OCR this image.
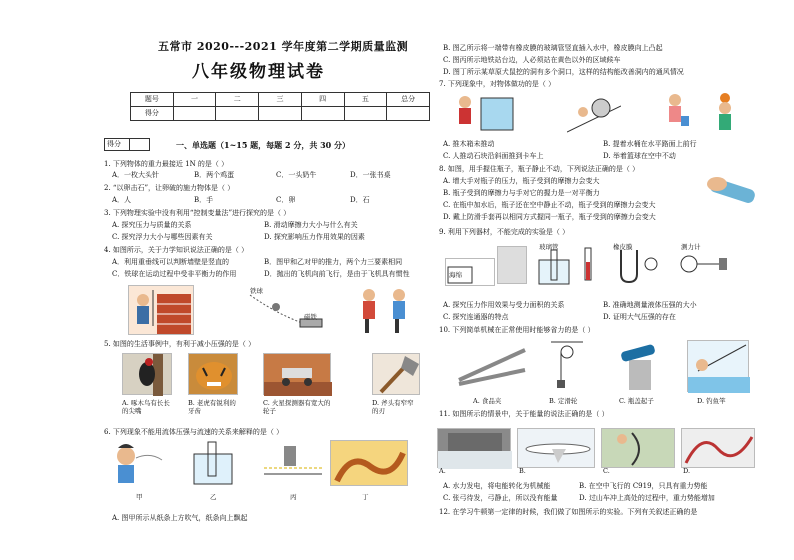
五常市 2020---2021 学年度第二学期质量监测
八年级物理试卷
题号	一	二	三	四	五	总分
得分						
得分	一、单选题（1~15 题，每题 2 分，共 30 分）
1. 下列物体的重力最接近 1N 的是（ ）
A．一枚大头针	B．两个鸡蛋	C．一头奶牛	D．一张书桌
2. “以卵击石”，让卵破的施力物体是（ ）
A．人	B．手	C．卵	D．石
3. 下列物理实验中没有利用“控制变量法”进行探究的是（ ）
A. 探究压力与质量的关系	B. 滑动摩擦力大小与什么有关
C. 探究浮力大小与哪些因素有关	D. 探究影响压力作用效果的因素
4. 如图所示，关于力学知识说法正确的是（ ）
A．利用重垂线可以判断墙壁是竖直的	B．图甲和乙对甲的推力，两个力三要素相同
C．铁球在运动过程中受非平衡力的作用	D．抛出的飞机向前飞行，是由于飞机具有惯性
铁球
磁铁
5. 如图的生活事例中，有利于减小压强的是（ ）
A. 啄木鸟有长长的尖嘴
B. 老虎有锐利的牙齿
C. 火星探测器有宽大的轮子
D. 斧头有窄窄的刃
6. 下列现象不能用流体压强与流速的关系来解释的是（ ）
甲	乙	丙	丁
A. 图甲所示从纸条上方吹气，纸条向上飘起
B. 图乙所示将一端带有橡皮膜的玻璃管竖直插入水中，橡皮膜向上凸起
C. 图丙所示地铁站台边，人必须站在黄色以外的区域候车
D. 图丁所示某草原犬鼠挖的洞有多个洞口，这样的结构能改善洞内的通风情况
7. 下列现象中，对物体做功的是（ ）
A. 推木箱未推动	B. 提着水桶在水平路面上前行
C. 人推动石块沿斜面推到卡车上	D. 举着篮球在空中不动
8. 如图，用手握住瓶子，瓶子静止不动，下列说法正确的是（ ）
A. 增大手对瓶子的压力，瓶子受到的摩擦力会变大
B. 瓶子受到的摩擦力与手对它的握力是一对平衡力
C. 在瓶中加水后，瓶子还在空中静止不动，瓶子受到的摩擦力会变大
D. 戴上防滑手套再以相同方式握同一瓶子，瓶子受到的摩擦力会变大
9. 利用下列器材，不能完成的实验是（ ）
海绵
玻璃管	橡皮膜	测力计
A. 探究压力作用效果与受力面积的关系	B. 准确地测量液体压强的大小
C. 探究连通器的特点	D. 证明大气压强的存在
10. 下列简单机械在正常使用时能够省力的是（ ）
A. 食品夹	B. 定滑轮	C. 瓶盖起子	D. 钓鱼竿
11. 如图所示的情景中，关于能量的说法正确的是（ ）
A.	B.	C.	D.
A. 水力发电，将电能转化为机械能	B. 在空中飞行的 C919，只具有重力势能
C. 张弓待发，弓静止，所以没有能量	D. 过山车冲上高处的过程中，重力势能增加
12. 在学习牛顿第一定律的时候，我们做了如图所示的实验。下列有关叙述正确的是
